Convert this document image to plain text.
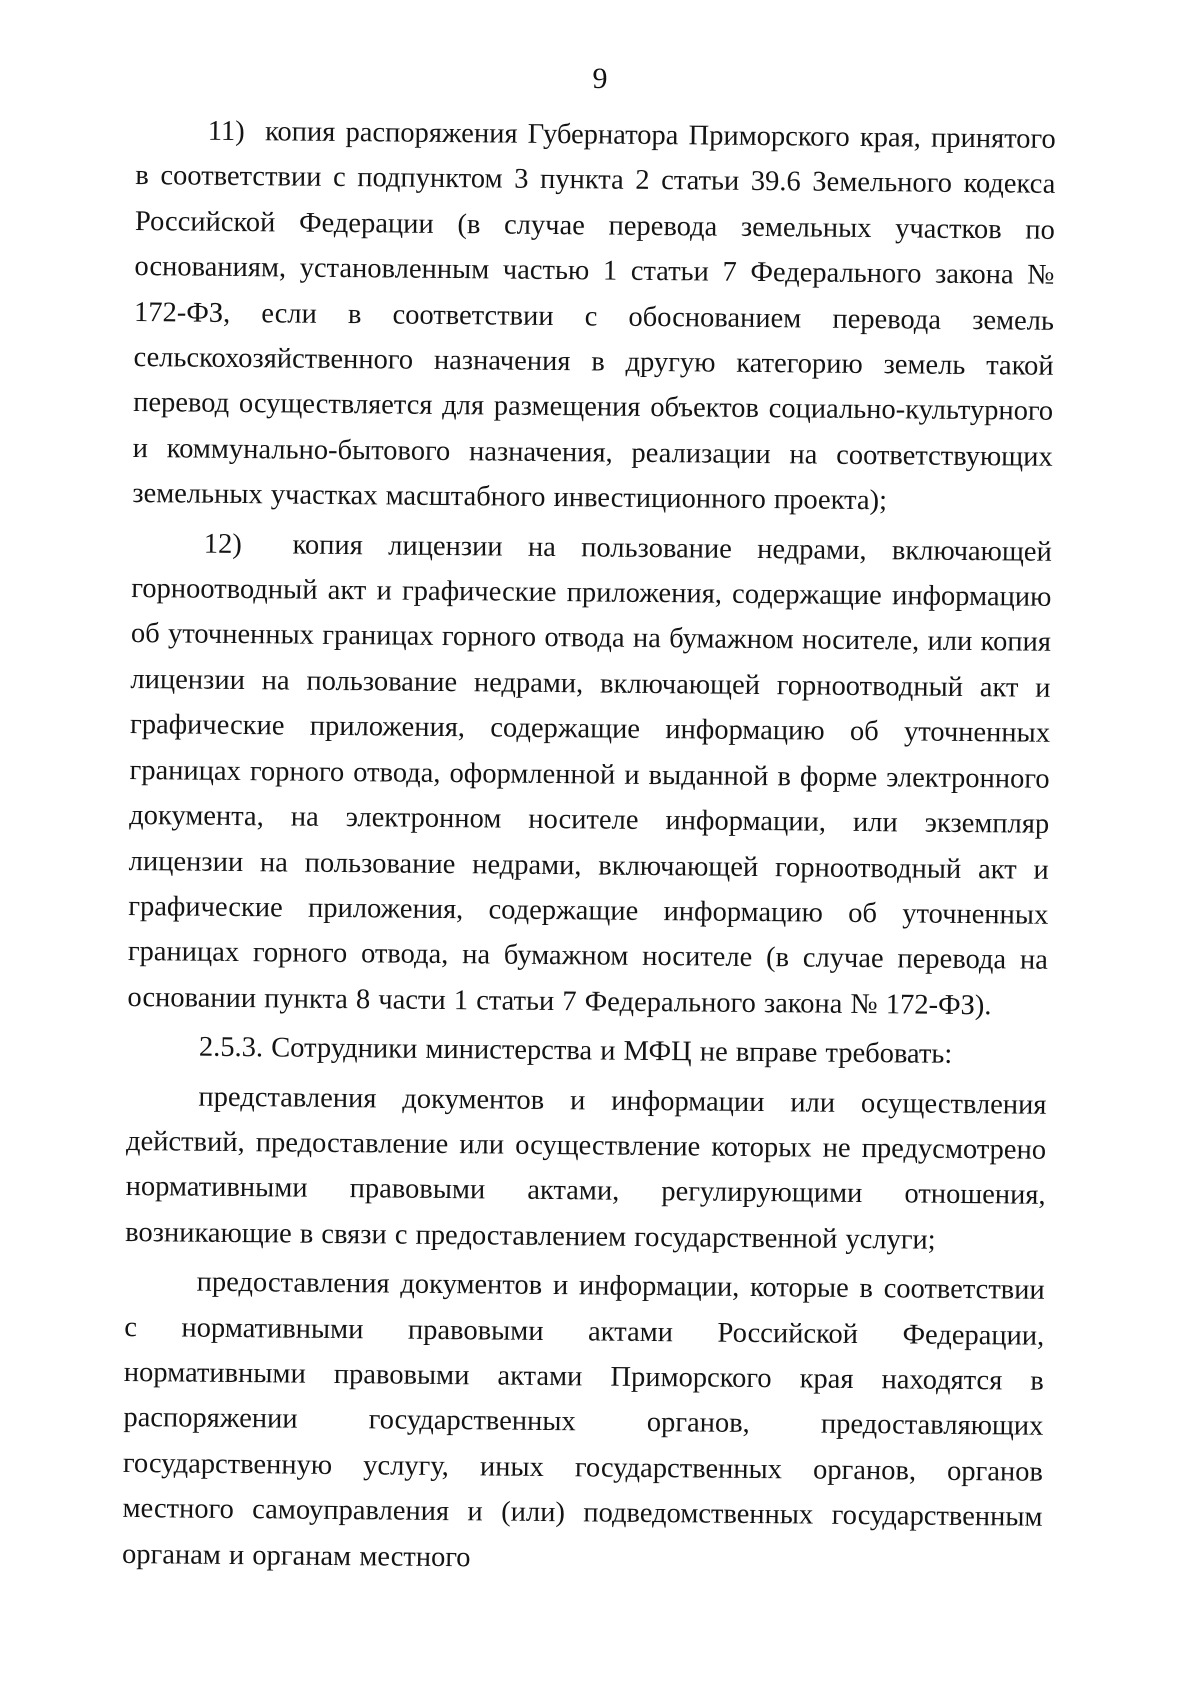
9

11)  копия распоряжения Губернатора Приморского края, принятого в соответствии с подпунктом 3 пункта 2 статьи 39.6 Земельного кодекса Российской Федерации (в случае перевода земельных участков по основаниям, установленным частью 1 статьи 7 Федерального закона № 172-ФЗ, если в соответствии с обоснованием перевода земель сельскохозяйственного назначения в другую категорию земель такой перевод осуществляется для размещения объектов социально-культурного и коммунально-бытового назначения, реализации на соответствующих земельных участках масштабного инвестиционного проекта);

12)  копия лицензии на пользование недрами, включающей горноотводный акт и графические приложения, содержащие информацию об уточненных границах горного отвода на бумажном носителе, или копия лицензии на пользование недрами, включающей горноотводный акт и графические приложения, содержащие информацию об уточненных границах горного отвода, оформленной и выданной в форме электронного документа, на электронном носителе информации, или экземпляр лицензии на пользование недрами, включающей горноотводный акт и графические приложения, содержащие информацию об уточненных границах горного отвода, на бумажном носителе (в случае перевода на основании пункта 8 части 1 статьи 7 Федерального закона № 172-ФЗ).

2.5.3. Сотрудники министерства и МФЦ не вправе требовать:

представления документов и информации или осуществления действий, предоставление или осуществление которых не предусмотрено нормативными правовыми актами, регулирующими отношения, возникающие в связи с предоставлением государственной услуги;

предоставления документов и информации, которые в соответствии с нормативными правовыми актами Российской Федерации, нормативными правовыми актами Приморского края находятся в распоряжении государственных органов, предоставляющих государственную услугу, иных государственных органов, органов местного самоуправления и (или) подведомственных государственным органам и органам местного
